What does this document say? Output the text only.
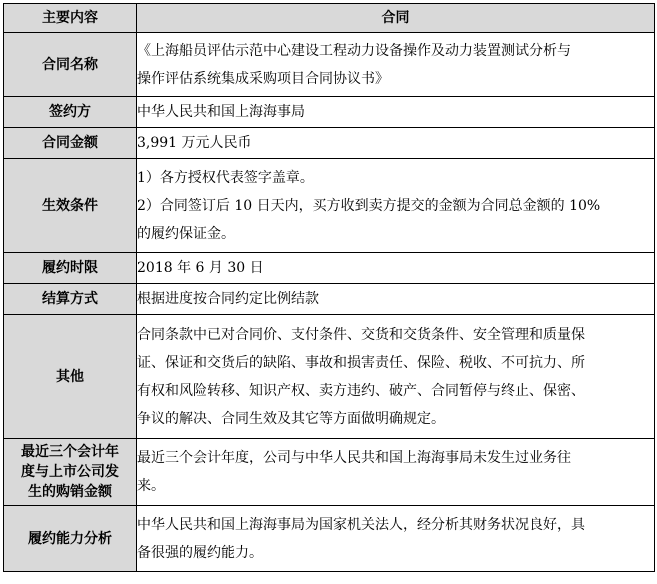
主要内容	合同
合同名称	《上海船员评估示范中心建设工程动力设备操作及动力装置测试分析与
操作评估系统集成采购项目合同协议书》

签约方	中华人民共和国上海海事局

合同金额	3,991 万元人民币

生效条件	1）各方授权代表签字盖章。
2）合同签订后 10 日天内，买方收到卖方提交的金额为合同总金额的 10%
的履约保证金。

履约时限	2018 年 6 月 30 日

结算方式	根据进度按合同约定比例结款

其他	合同条款中已对合同价、支付条件、交货和交货条件、安全管理和质量保
证、保证和交货后的缺陷、事故和损害责任、保险、税收、不可抗力、所
有权和风险转移、知识产权、卖方违约、破产、合同暂停与终止、保密、
争议的解决、合同生效及其它等方面做明确规定。

最近三个会计年
度与上市公司发
生的购销金额	最近三个会计年度，公司与中华人民共和国上海海事局未发生过业务往
来。

履约能力分析	中华人民共和国上海海事局为国家机关法人，经分析其财务状况良好，具
备很强的履约能力。
